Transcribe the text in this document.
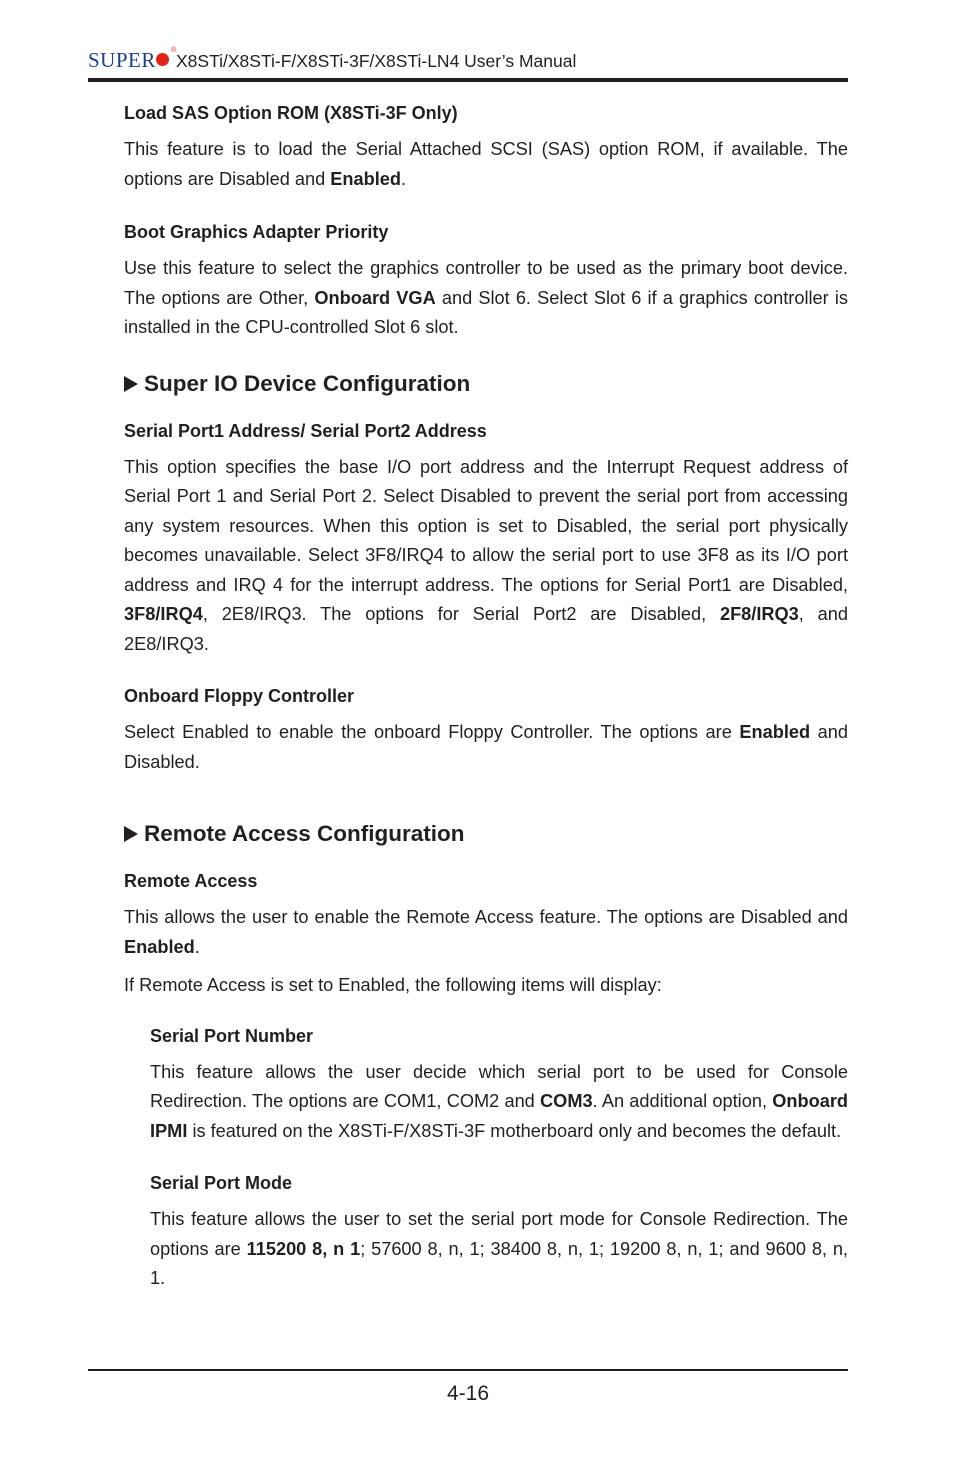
SUPER ®
X8STi/X8STi-F/X8STi-3F/X8STi-LN4 User’s Manual
Load SAS Option ROM (X8STi-3F Only)

This feature is to load the Serial Attached SCSI (SAS) option ROM, if available. The options are Disabled and Enabled.

Boot Graphics Adapter Priority

Use this feature to select the graphics controller to be used as the primary boot device. The options are Other, Onboard VGA and Slot 6. Select Slot 6 if a graphics controller is installed in the CPU-controlled Slot 6 slot.

Super IO Device Configuration
Serial Port1 Address/ Serial Port2 Address

This option specifies the base I/O port address and the Interrupt Request address of Serial Port 1 and Serial Port 2. Select Disabled to prevent the serial port from accessing any system resources. When this option is set to Disabled, the serial port physically becomes unavailable. Select 3F8/IRQ4 to allow the serial port to use 3F8 as its I/O port address and IRQ 4 for the interrupt address. The options for Serial Port1 are Disabled, 3F8/IRQ4, 2E8/IRQ3. The options for Serial Port2 are Disabled, 2F8/IRQ3, and 2E8/IRQ3.

Onboard Floppy Controller

Select Enabled to enable the onboard Floppy Controller. The options are Enabled and Disabled.

Remote Access Configuration
Remote Access

This allows the user to enable the Remote Access feature. The options are Disabled and Enabled.

If Remote Access is set to Enabled, the following items will display:

Serial Port Number

This feature allows the user decide which serial port to be used for Console Redirection. The options are COM1, COM2 and COM3. An additional option, Onboard IPMI is featured on the X8STi-F/X8STi-3F motherboard only and becomes the default.

Serial Port Mode

This feature allows the user to set the serial port mode for Console Redirection. The options are 115200 8, n 1; 57600 8, n, 1; 38400 8, n, 1; 19200 8, n, 1; and 9600 8, n, 1.

4-16
